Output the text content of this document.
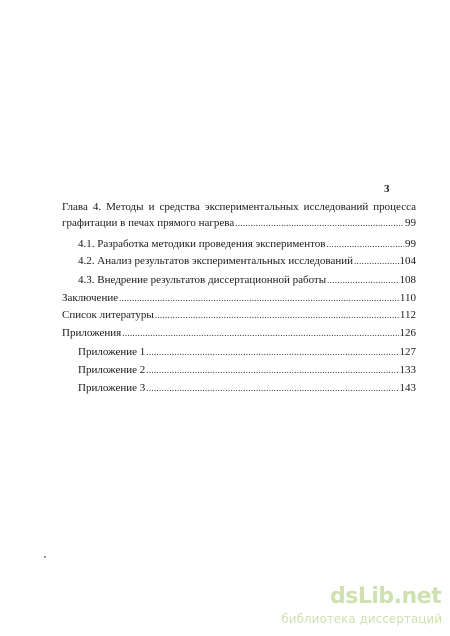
3
Глава 4. Методы и средства экспериментальных исследований процесса
графитации в печах прямого нагрева .....	99
4.1. Разработка методики проведения экспериментов .....	99
4.2. Анализ результатов экспериментальных исследований .....	104
4.3. Внедрение результатов диссертационной работы .....	108
Заключение .....	110
Список литературы .....	112
Приложения .....	126
Приложение 1 .....	127
Приложение 2 .....	133
Приложение 3 .....	143
dsLib.net
библиотека диссертаций
